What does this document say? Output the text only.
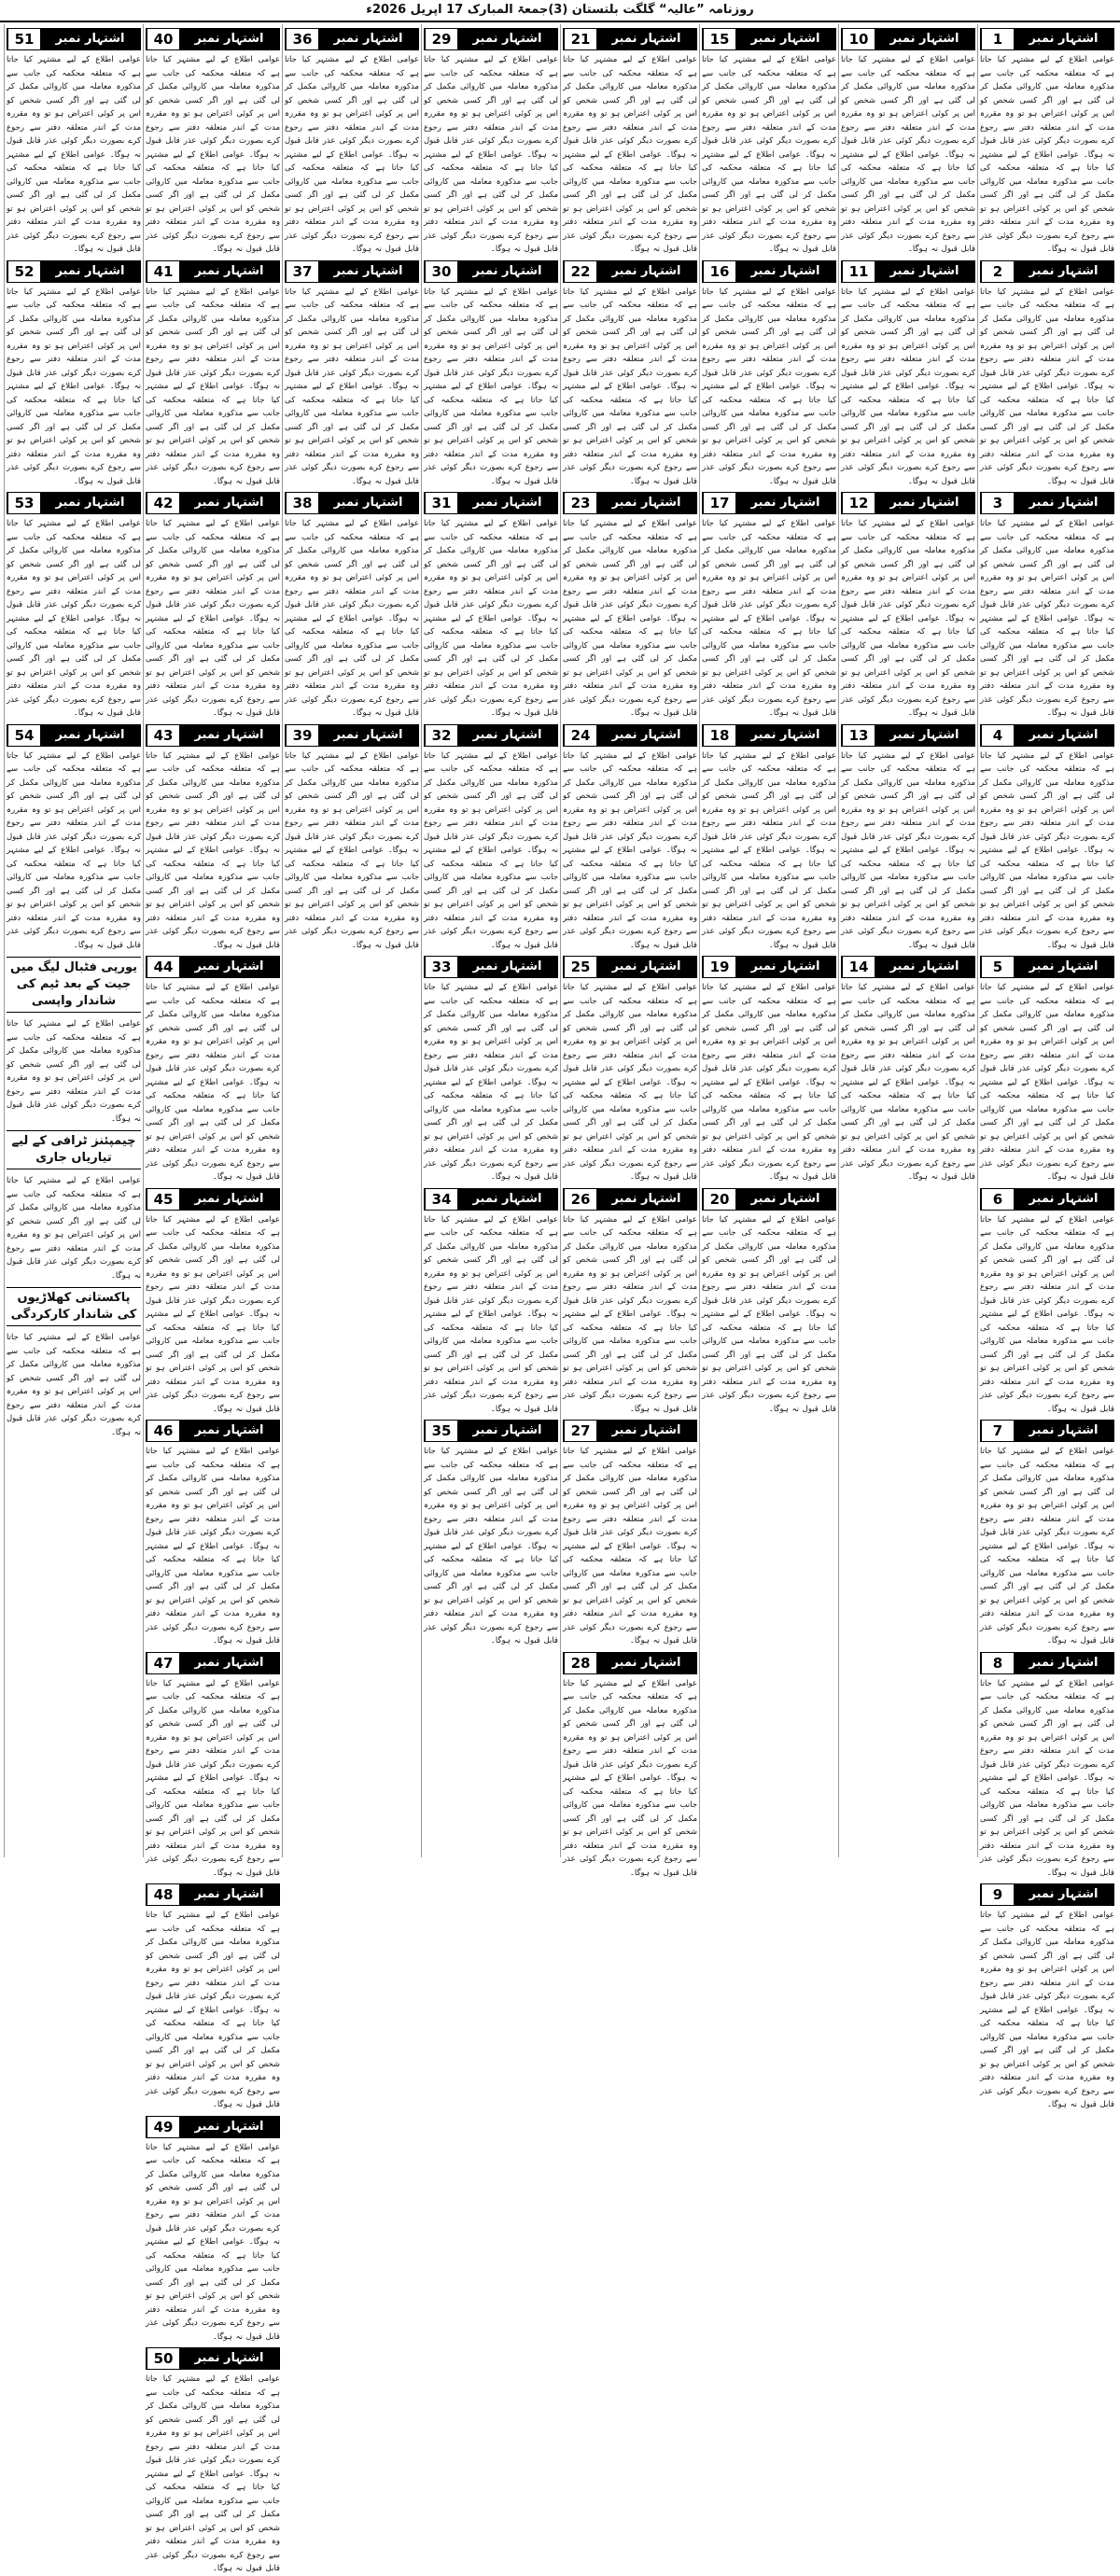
روزنامہ ”عالیہ“ گلگت بلتستان (3)جمعۃ المبارک 17 اپریل 2026ء
1	اشتہار نمبر

عوامی اطلاع کے لیے مشتہر کیا جاتا ہے کہ متعلقہ محکمہ کی جانب سے مذکورہ معاملہ میں کاروائی مکمل کر لی گئی ہے اور اگر کسی شخص کو اس پر کوئی اعتراض ہو تو وہ مقررہ مدت کے اندر متعلقہ دفتر سے رجوع کرے بصورت دیگر کوئی عذر قابل قبول نہ ہوگا۔ عوامی اطلاع کے لیے مشتہر کیا جاتا ہے کہ متعلقہ محکمہ کی جانب سے مذکورہ معاملہ میں کاروائی مکمل کر لی گئی ہے اور اگر کسی شخص کو اس پر کوئی اعتراض ہو تو وہ مقررہ مدت کے اندر متعلقہ دفتر سے رجوع کرے بصورت دیگر کوئی عذر قابل قبول نہ ہوگا۔

2	اشتہار نمبر

عوامی اطلاع کے لیے مشتہر کیا جاتا ہے کہ متعلقہ محکمہ کی جانب سے مذکورہ معاملہ میں کاروائی مکمل کر لی گئی ہے اور اگر کسی شخص کو اس پر کوئی اعتراض ہو تو وہ مقررہ مدت کے اندر متعلقہ دفتر سے رجوع کرے بصورت دیگر کوئی عذر قابل قبول نہ ہوگا۔ عوامی اطلاع کے لیے مشتہر کیا جاتا ہے کہ متعلقہ محکمہ کی جانب سے مذکورہ معاملہ میں کاروائی مکمل کر لی گئی ہے اور اگر کسی شخص کو اس پر کوئی اعتراض ہو تو وہ مقررہ مدت کے اندر متعلقہ دفتر سے رجوع کرے بصورت دیگر کوئی عذر قابل قبول نہ ہوگا۔

3	اشتہار نمبر

عوامی اطلاع کے لیے مشتہر کیا جاتا ہے کہ متعلقہ محکمہ کی جانب سے مذکورہ معاملہ میں کاروائی مکمل کر لی گئی ہے اور اگر کسی شخص کو اس پر کوئی اعتراض ہو تو وہ مقررہ مدت کے اندر متعلقہ دفتر سے رجوع کرے بصورت دیگر کوئی عذر قابل قبول نہ ہوگا۔ عوامی اطلاع کے لیے مشتہر کیا جاتا ہے کہ متعلقہ محکمہ کی جانب سے مذکورہ معاملہ میں کاروائی مکمل کر لی گئی ہے اور اگر کسی شخص کو اس پر کوئی اعتراض ہو تو وہ مقررہ مدت کے اندر متعلقہ دفتر سے رجوع کرے بصورت دیگر کوئی عذر قابل قبول نہ ہوگا۔

4	اشتہار نمبر

عوامی اطلاع کے لیے مشتہر کیا جاتا ہے کہ متعلقہ محکمہ کی جانب سے مذکورہ معاملہ میں کاروائی مکمل کر لی گئی ہے اور اگر کسی شخص کو اس پر کوئی اعتراض ہو تو وہ مقررہ مدت کے اندر متعلقہ دفتر سے رجوع کرے بصورت دیگر کوئی عذر قابل قبول نہ ہوگا۔ عوامی اطلاع کے لیے مشتہر کیا جاتا ہے کہ متعلقہ محکمہ کی جانب سے مذکورہ معاملہ میں کاروائی مکمل کر لی گئی ہے اور اگر کسی شخص کو اس پر کوئی اعتراض ہو تو وہ مقررہ مدت کے اندر متعلقہ دفتر سے رجوع کرے بصورت دیگر کوئی عذر قابل قبول نہ ہوگا۔

5	اشتہار نمبر

عوامی اطلاع کے لیے مشتہر کیا جاتا ہے کہ متعلقہ محکمہ کی جانب سے مذکورہ معاملہ میں کاروائی مکمل کر لی گئی ہے اور اگر کسی شخص کو اس پر کوئی اعتراض ہو تو وہ مقررہ مدت کے اندر متعلقہ دفتر سے رجوع کرے بصورت دیگر کوئی عذر قابل قبول نہ ہوگا۔ عوامی اطلاع کے لیے مشتہر کیا جاتا ہے کہ متعلقہ محکمہ کی جانب سے مذکورہ معاملہ میں کاروائی مکمل کر لی گئی ہے اور اگر کسی شخص کو اس پر کوئی اعتراض ہو تو وہ مقررہ مدت کے اندر متعلقہ دفتر سے رجوع کرے بصورت دیگر کوئی عذر قابل قبول نہ ہوگا۔

6	اشتہار نمبر

عوامی اطلاع کے لیے مشتہر کیا جاتا ہے کہ متعلقہ محکمہ کی جانب سے مذکورہ معاملہ میں کاروائی مکمل کر لی گئی ہے اور اگر کسی شخص کو اس پر کوئی اعتراض ہو تو وہ مقررہ مدت کے اندر متعلقہ دفتر سے رجوع کرے بصورت دیگر کوئی عذر قابل قبول نہ ہوگا۔ عوامی اطلاع کے لیے مشتہر کیا جاتا ہے کہ متعلقہ محکمہ کی جانب سے مذکورہ معاملہ میں کاروائی مکمل کر لی گئی ہے اور اگر کسی شخص کو اس پر کوئی اعتراض ہو تو وہ مقررہ مدت کے اندر متعلقہ دفتر سے رجوع کرے بصورت دیگر کوئی عذر قابل قبول نہ ہوگا۔

7	اشتہار نمبر

عوامی اطلاع کے لیے مشتہر کیا جاتا ہے کہ متعلقہ محکمہ کی جانب سے مذکورہ معاملہ میں کاروائی مکمل کر لی گئی ہے اور اگر کسی شخص کو اس پر کوئی اعتراض ہو تو وہ مقررہ مدت کے اندر متعلقہ دفتر سے رجوع کرے بصورت دیگر کوئی عذر قابل قبول نہ ہوگا۔ عوامی اطلاع کے لیے مشتہر کیا جاتا ہے کہ متعلقہ محکمہ کی جانب سے مذکورہ معاملہ میں کاروائی مکمل کر لی گئی ہے اور اگر کسی شخص کو اس پر کوئی اعتراض ہو تو وہ مقررہ مدت کے اندر متعلقہ دفتر سے رجوع کرے بصورت دیگر کوئی عذر قابل قبول نہ ہوگا۔

8	اشتہار نمبر

عوامی اطلاع کے لیے مشتہر کیا جاتا ہے کہ متعلقہ محکمہ کی جانب سے مذکورہ معاملہ میں کاروائی مکمل کر لی گئی ہے اور اگر کسی شخص کو اس پر کوئی اعتراض ہو تو وہ مقررہ مدت کے اندر متعلقہ دفتر سے رجوع کرے بصورت دیگر کوئی عذر قابل قبول نہ ہوگا۔ عوامی اطلاع کے لیے مشتہر کیا جاتا ہے کہ متعلقہ محکمہ کی جانب سے مذکورہ معاملہ میں کاروائی مکمل کر لی گئی ہے اور اگر کسی شخص کو اس پر کوئی اعتراض ہو تو وہ مقررہ مدت کے اندر متعلقہ دفتر سے رجوع کرے بصورت دیگر کوئی عذر قابل قبول نہ ہوگا۔

9	اشتہار نمبر

عوامی اطلاع کے لیے مشتہر کیا جاتا ہے کہ متعلقہ محکمہ کی جانب سے مذکورہ معاملہ میں کاروائی مکمل کر لی گئی ہے اور اگر کسی شخص کو اس پر کوئی اعتراض ہو تو وہ مقررہ مدت کے اندر متعلقہ دفتر سے رجوع کرے بصورت دیگر کوئی عذر قابل قبول نہ ہوگا۔ عوامی اطلاع کے لیے مشتہر کیا جاتا ہے کہ متعلقہ محکمہ کی جانب سے مذکورہ معاملہ میں کاروائی مکمل کر لی گئی ہے اور اگر کسی شخص کو اس پر کوئی اعتراض ہو تو وہ مقررہ مدت کے اندر متعلقہ دفتر سے رجوع کرے بصورت دیگر کوئی عذر قابل قبول نہ ہوگا۔

10	اشتہار نمبر

عوامی اطلاع کے لیے مشتہر کیا جاتا ہے کہ متعلقہ محکمہ کی جانب سے مذکورہ معاملہ میں کاروائی مکمل کر لی گئی ہے اور اگر کسی شخص کو اس پر کوئی اعتراض ہو تو وہ مقررہ مدت کے اندر متعلقہ دفتر سے رجوع کرے بصورت دیگر کوئی عذر قابل قبول نہ ہوگا۔ عوامی اطلاع کے لیے مشتہر کیا جاتا ہے کہ متعلقہ محکمہ کی جانب سے مذکورہ معاملہ میں کاروائی مکمل کر لی گئی ہے اور اگر کسی شخص کو اس پر کوئی اعتراض ہو تو وہ مقررہ مدت کے اندر متعلقہ دفتر سے رجوع کرے بصورت دیگر کوئی عذر قابل قبول نہ ہوگا۔

11	اشتہار نمبر

عوامی اطلاع کے لیے مشتہر کیا جاتا ہے کہ متعلقہ محکمہ کی جانب سے مذکورہ معاملہ میں کاروائی مکمل کر لی گئی ہے اور اگر کسی شخص کو اس پر کوئی اعتراض ہو تو وہ مقررہ مدت کے اندر متعلقہ دفتر سے رجوع کرے بصورت دیگر کوئی عذر قابل قبول نہ ہوگا۔ عوامی اطلاع کے لیے مشتہر کیا جاتا ہے کہ متعلقہ محکمہ کی جانب سے مذکورہ معاملہ میں کاروائی مکمل کر لی گئی ہے اور اگر کسی شخص کو اس پر کوئی اعتراض ہو تو وہ مقررہ مدت کے اندر متعلقہ دفتر سے رجوع کرے بصورت دیگر کوئی عذر قابل قبول نہ ہوگا۔

12	اشتہار نمبر

عوامی اطلاع کے لیے مشتہر کیا جاتا ہے کہ متعلقہ محکمہ کی جانب سے مذکورہ معاملہ میں کاروائی مکمل کر لی گئی ہے اور اگر کسی شخص کو اس پر کوئی اعتراض ہو تو وہ مقررہ مدت کے اندر متعلقہ دفتر سے رجوع کرے بصورت دیگر کوئی عذر قابل قبول نہ ہوگا۔ عوامی اطلاع کے لیے مشتہر کیا جاتا ہے کہ متعلقہ محکمہ کی جانب سے مذکورہ معاملہ میں کاروائی مکمل کر لی گئی ہے اور اگر کسی شخص کو اس پر کوئی اعتراض ہو تو وہ مقررہ مدت کے اندر متعلقہ دفتر سے رجوع کرے بصورت دیگر کوئی عذر قابل قبول نہ ہوگا۔

13	اشتہار نمبر

عوامی اطلاع کے لیے مشتہر کیا جاتا ہے کہ متعلقہ محکمہ کی جانب سے مذکورہ معاملہ میں کاروائی مکمل کر لی گئی ہے اور اگر کسی شخص کو اس پر کوئی اعتراض ہو تو وہ مقررہ مدت کے اندر متعلقہ دفتر سے رجوع کرے بصورت دیگر کوئی عذر قابل قبول نہ ہوگا۔ عوامی اطلاع کے لیے مشتہر کیا جاتا ہے کہ متعلقہ محکمہ کی جانب سے مذکورہ معاملہ میں کاروائی مکمل کر لی گئی ہے اور اگر کسی شخص کو اس پر کوئی اعتراض ہو تو وہ مقررہ مدت کے اندر متعلقہ دفتر سے رجوع کرے بصورت دیگر کوئی عذر قابل قبول نہ ہوگا۔

14	اشتہار نمبر

عوامی اطلاع کے لیے مشتہر کیا جاتا ہے کہ متعلقہ محکمہ کی جانب سے مذکورہ معاملہ میں کاروائی مکمل کر لی گئی ہے اور اگر کسی شخص کو اس پر کوئی اعتراض ہو تو وہ مقررہ مدت کے اندر متعلقہ دفتر سے رجوع کرے بصورت دیگر کوئی عذر قابل قبول نہ ہوگا۔ عوامی اطلاع کے لیے مشتہر کیا جاتا ہے کہ متعلقہ محکمہ کی جانب سے مذکورہ معاملہ میں کاروائی مکمل کر لی گئی ہے اور اگر کسی شخص کو اس پر کوئی اعتراض ہو تو وہ مقررہ مدت کے اندر متعلقہ دفتر سے رجوع کرے بصورت دیگر کوئی عذر قابل قبول نہ ہوگا۔

15	اشتہار نمبر

عوامی اطلاع کے لیے مشتہر کیا جاتا ہے کہ متعلقہ محکمہ کی جانب سے مذکورہ معاملہ میں کاروائی مکمل کر لی گئی ہے اور اگر کسی شخص کو اس پر کوئی اعتراض ہو تو وہ مقررہ مدت کے اندر متعلقہ دفتر سے رجوع کرے بصورت دیگر کوئی عذر قابل قبول نہ ہوگا۔ عوامی اطلاع کے لیے مشتہر کیا جاتا ہے کہ متعلقہ محکمہ کی جانب سے مذکورہ معاملہ میں کاروائی مکمل کر لی گئی ہے اور اگر کسی شخص کو اس پر کوئی اعتراض ہو تو وہ مقررہ مدت کے اندر متعلقہ دفتر سے رجوع کرے بصورت دیگر کوئی عذر قابل قبول نہ ہوگا۔

16	اشتہار نمبر

عوامی اطلاع کے لیے مشتہر کیا جاتا ہے کہ متعلقہ محکمہ کی جانب سے مذکورہ معاملہ میں کاروائی مکمل کر لی گئی ہے اور اگر کسی شخص کو اس پر کوئی اعتراض ہو تو وہ مقررہ مدت کے اندر متعلقہ دفتر سے رجوع کرے بصورت دیگر کوئی عذر قابل قبول نہ ہوگا۔ عوامی اطلاع کے لیے مشتہر کیا جاتا ہے کہ متعلقہ محکمہ کی جانب سے مذکورہ معاملہ میں کاروائی مکمل کر لی گئی ہے اور اگر کسی شخص کو اس پر کوئی اعتراض ہو تو وہ مقررہ مدت کے اندر متعلقہ دفتر سے رجوع کرے بصورت دیگر کوئی عذر قابل قبول نہ ہوگا۔

17	اشتہار نمبر

عوامی اطلاع کے لیے مشتہر کیا جاتا ہے کہ متعلقہ محکمہ کی جانب سے مذکورہ معاملہ میں کاروائی مکمل کر لی گئی ہے اور اگر کسی شخص کو اس پر کوئی اعتراض ہو تو وہ مقررہ مدت کے اندر متعلقہ دفتر سے رجوع کرے بصورت دیگر کوئی عذر قابل قبول نہ ہوگا۔ عوامی اطلاع کے لیے مشتہر کیا جاتا ہے کہ متعلقہ محکمہ کی جانب سے مذکورہ معاملہ میں کاروائی مکمل کر لی گئی ہے اور اگر کسی شخص کو اس پر کوئی اعتراض ہو تو وہ مقررہ مدت کے اندر متعلقہ دفتر سے رجوع کرے بصورت دیگر کوئی عذر قابل قبول نہ ہوگا۔

18	اشتہار نمبر

عوامی اطلاع کے لیے مشتہر کیا جاتا ہے کہ متعلقہ محکمہ کی جانب سے مذکورہ معاملہ میں کاروائی مکمل کر لی گئی ہے اور اگر کسی شخص کو اس پر کوئی اعتراض ہو تو وہ مقررہ مدت کے اندر متعلقہ دفتر سے رجوع کرے بصورت دیگر کوئی عذر قابل قبول نہ ہوگا۔ عوامی اطلاع کے لیے مشتہر کیا جاتا ہے کہ متعلقہ محکمہ کی جانب سے مذکورہ معاملہ میں کاروائی مکمل کر لی گئی ہے اور اگر کسی شخص کو اس پر کوئی اعتراض ہو تو وہ مقررہ مدت کے اندر متعلقہ دفتر سے رجوع کرے بصورت دیگر کوئی عذر قابل قبول نہ ہوگا۔

19	اشتہار نمبر

عوامی اطلاع کے لیے مشتہر کیا جاتا ہے کہ متعلقہ محکمہ کی جانب سے مذکورہ معاملہ میں کاروائی مکمل کر لی گئی ہے اور اگر کسی شخص کو اس پر کوئی اعتراض ہو تو وہ مقررہ مدت کے اندر متعلقہ دفتر سے رجوع کرے بصورت دیگر کوئی عذر قابل قبول نہ ہوگا۔ عوامی اطلاع کے لیے مشتہر کیا جاتا ہے کہ متعلقہ محکمہ کی جانب سے مذکورہ معاملہ میں کاروائی مکمل کر لی گئی ہے اور اگر کسی شخص کو اس پر کوئی اعتراض ہو تو وہ مقررہ مدت کے اندر متعلقہ دفتر سے رجوع کرے بصورت دیگر کوئی عذر قابل قبول نہ ہوگا۔

20	اشتہار نمبر

عوامی اطلاع کے لیے مشتہر کیا جاتا ہے کہ متعلقہ محکمہ کی جانب سے مذکورہ معاملہ میں کاروائی مکمل کر لی گئی ہے اور اگر کسی شخص کو اس پر کوئی اعتراض ہو تو وہ مقررہ مدت کے اندر متعلقہ دفتر سے رجوع کرے بصورت دیگر کوئی عذر قابل قبول نہ ہوگا۔ عوامی اطلاع کے لیے مشتہر کیا جاتا ہے کہ متعلقہ محکمہ کی جانب سے مذکورہ معاملہ میں کاروائی مکمل کر لی گئی ہے اور اگر کسی شخص کو اس پر کوئی اعتراض ہو تو وہ مقررہ مدت کے اندر متعلقہ دفتر سے رجوع کرے بصورت دیگر کوئی عذر قابل قبول نہ ہوگا۔

21	اشتہار نمبر

عوامی اطلاع کے لیے مشتہر کیا جاتا ہے کہ متعلقہ محکمہ کی جانب سے مذکورہ معاملہ میں کاروائی مکمل کر لی گئی ہے اور اگر کسی شخص کو اس پر کوئی اعتراض ہو تو وہ مقررہ مدت کے اندر متعلقہ دفتر سے رجوع کرے بصورت دیگر کوئی عذر قابل قبول نہ ہوگا۔ عوامی اطلاع کے لیے مشتہر کیا جاتا ہے کہ متعلقہ محکمہ کی جانب سے مذکورہ معاملہ میں کاروائی مکمل کر لی گئی ہے اور اگر کسی شخص کو اس پر کوئی اعتراض ہو تو وہ مقررہ مدت کے اندر متعلقہ دفتر سے رجوع کرے بصورت دیگر کوئی عذر قابل قبول نہ ہوگا۔

22	اشتہار نمبر

عوامی اطلاع کے لیے مشتہر کیا جاتا ہے کہ متعلقہ محکمہ کی جانب سے مذکورہ معاملہ میں کاروائی مکمل کر لی گئی ہے اور اگر کسی شخص کو اس پر کوئی اعتراض ہو تو وہ مقررہ مدت کے اندر متعلقہ دفتر سے رجوع کرے بصورت دیگر کوئی عذر قابل قبول نہ ہوگا۔ عوامی اطلاع کے لیے مشتہر کیا جاتا ہے کہ متعلقہ محکمہ کی جانب سے مذکورہ معاملہ میں کاروائی مکمل کر لی گئی ہے اور اگر کسی شخص کو اس پر کوئی اعتراض ہو تو وہ مقررہ مدت کے اندر متعلقہ دفتر سے رجوع کرے بصورت دیگر کوئی عذر قابل قبول نہ ہوگا۔

23	اشتہار نمبر

عوامی اطلاع کے لیے مشتہر کیا جاتا ہے کہ متعلقہ محکمہ کی جانب سے مذکورہ معاملہ میں کاروائی مکمل کر لی گئی ہے اور اگر کسی شخص کو اس پر کوئی اعتراض ہو تو وہ مقررہ مدت کے اندر متعلقہ دفتر سے رجوع کرے بصورت دیگر کوئی عذر قابل قبول نہ ہوگا۔ عوامی اطلاع کے لیے مشتہر کیا جاتا ہے کہ متعلقہ محکمہ کی جانب سے مذکورہ معاملہ میں کاروائی مکمل کر لی گئی ہے اور اگر کسی شخص کو اس پر کوئی اعتراض ہو تو وہ مقررہ مدت کے اندر متعلقہ دفتر سے رجوع کرے بصورت دیگر کوئی عذر قابل قبول نہ ہوگا۔

24	اشتہار نمبر

عوامی اطلاع کے لیے مشتہر کیا جاتا ہے کہ متعلقہ محکمہ کی جانب سے مذکورہ معاملہ میں کاروائی مکمل کر لی گئی ہے اور اگر کسی شخص کو اس پر کوئی اعتراض ہو تو وہ مقررہ مدت کے اندر متعلقہ دفتر سے رجوع کرے بصورت دیگر کوئی عذر قابل قبول نہ ہوگا۔ عوامی اطلاع کے لیے مشتہر کیا جاتا ہے کہ متعلقہ محکمہ کی جانب سے مذکورہ معاملہ میں کاروائی مکمل کر لی گئی ہے اور اگر کسی شخص کو اس پر کوئی اعتراض ہو تو وہ مقررہ مدت کے اندر متعلقہ دفتر سے رجوع کرے بصورت دیگر کوئی عذر قابل قبول نہ ہوگا۔

25	اشتہار نمبر

عوامی اطلاع کے لیے مشتہر کیا جاتا ہے کہ متعلقہ محکمہ کی جانب سے مذکورہ معاملہ میں کاروائی مکمل کر لی گئی ہے اور اگر کسی شخص کو اس پر کوئی اعتراض ہو تو وہ مقررہ مدت کے اندر متعلقہ دفتر سے رجوع کرے بصورت دیگر کوئی عذر قابل قبول نہ ہوگا۔ عوامی اطلاع کے لیے مشتہر کیا جاتا ہے کہ متعلقہ محکمہ کی جانب سے مذکورہ معاملہ میں کاروائی مکمل کر لی گئی ہے اور اگر کسی شخص کو اس پر کوئی اعتراض ہو تو وہ مقررہ مدت کے اندر متعلقہ دفتر سے رجوع کرے بصورت دیگر کوئی عذر قابل قبول نہ ہوگا۔

26	اشتہار نمبر

عوامی اطلاع کے لیے مشتہر کیا جاتا ہے کہ متعلقہ محکمہ کی جانب سے مذکورہ معاملہ میں کاروائی مکمل کر لی گئی ہے اور اگر کسی شخص کو اس پر کوئی اعتراض ہو تو وہ مقررہ مدت کے اندر متعلقہ دفتر سے رجوع کرے بصورت دیگر کوئی عذر قابل قبول نہ ہوگا۔ عوامی اطلاع کے لیے مشتہر کیا جاتا ہے کہ متعلقہ محکمہ کی جانب سے مذکورہ معاملہ میں کاروائی مکمل کر لی گئی ہے اور اگر کسی شخص کو اس پر کوئی اعتراض ہو تو وہ مقررہ مدت کے اندر متعلقہ دفتر سے رجوع کرے بصورت دیگر کوئی عذر قابل قبول نہ ہوگا۔

27	اشتہار نمبر

عوامی اطلاع کے لیے مشتہر کیا جاتا ہے کہ متعلقہ محکمہ کی جانب سے مذکورہ معاملہ میں کاروائی مکمل کر لی گئی ہے اور اگر کسی شخص کو اس پر کوئی اعتراض ہو تو وہ مقررہ مدت کے اندر متعلقہ دفتر سے رجوع کرے بصورت دیگر کوئی عذر قابل قبول نہ ہوگا۔ عوامی اطلاع کے لیے مشتہر کیا جاتا ہے کہ متعلقہ محکمہ کی جانب سے مذکورہ معاملہ میں کاروائی مکمل کر لی گئی ہے اور اگر کسی شخص کو اس پر کوئی اعتراض ہو تو وہ مقررہ مدت کے اندر متعلقہ دفتر سے رجوع کرے بصورت دیگر کوئی عذر قابل قبول نہ ہوگا۔

28	اشتہار نمبر

عوامی اطلاع کے لیے مشتہر کیا جاتا ہے کہ متعلقہ محکمہ کی جانب سے مذکورہ معاملہ میں کاروائی مکمل کر لی گئی ہے اور اگر کسی شخص کو اس پر کوئی اعتراض ہو تو وہ مقررہ مدت کے اندر متعلقہ دفتر سے رجوع کرے بصورت دیگر کوئی عذر قابل قبول نہ ہوگا۔ عوامی اطلاع کے لیے مشتہر کیا جاتا ہے کہ متعلقہ محکمہ کی جانب سے مذکورہ معاملہ میں کاروائی مکمل کر لی گئی ہے اور اگر کسی شخص کو اس پر کوئی اعتراض ہو تو وہ مقررہ مدت کے اندر متعلقہ دفتر سے رجوع کرے بصورت دیگر کوئی عذر قابل قبول نہ ہوگا۔

29	اشتہار نمبر

عوامی اطلاع کے لیے مشتہر کیا جاتا ہے کہ متعلقہ محکمہ کی جانب سے مذکورہ معاملہ میں کاروائی مکمل کر لی گئی ہے اور اگر کسی شخص کو اس پر کوئی اعتراض ہو تو وہ مقررہ مدت کے اندر متعلقہ دفتر سے رجوع کرے بصورت دیگر کوئی عذر قابل قبول نہ ہوگا۔ عوامی اطلاع کے لیے مشتہر کیا جاتا ہے کہ متعلقہ محکمہ کی جانب سے مذکورہ معاملہ میں کاروائی مکمل کر لی گئی ہے اور اگر کسی شخص کو اس پر کوئی اعتراض ہو تو وہ مقررہ مدت کے اندر متعلقہ دفتر سے رجوع کرے بصورت دیگر کوئی عذر قابل قبول نہ ہوگا۔

30	اشتہار نمبر

عوامی اطلاع کے لیے مشتہر کیا جاتا ہے کہ متعلقہ محکمہ کی جانب سے مذکورہ معاملہ میں کاروائی مکمل کر لی گئی ہے اور اگر کسی شخص کو اس پر کوئی اعتراض ہو تو وہ مقررہ مدت کے اندر متعلقہ دفتر سے رجوع کرے بصورت دیگر کوئی عذر قابل قبول نہ ہوگا۔ عوامی اطلاع کے لیے مشتہر کیا جاتا ہے کہ متعلقہ محکمہ کی جانب سے مذکورہ معاملہ میں کاروائی مکمل کر لی گئی ہے اور اگر کسی شخص کو اس پر کوئی اعتراض ہو تو وہ مقررہ مدت کے اندر متعلقہ دفتر سے رجوع کرے بصورت دیگر کوئی عذر قابل قبول نہ ہوگا۔

31	اشتہار نمبر

عوامی اطلاع کے لیے مشتہر کیا جاتا ہے کہ متعلقہ محکمہ کی جانب سے مذکورہ معاملہ میں کاروائی مکمل کر لی گئی ہے اور اگر کسی شخص کو اس پر کوئی اعتراض ہو تو وہ مقررہ مدت کے اندر متعلقہ دفتر سے رجوع کرے بصورت دیگر کوئی عذر قابل قبول نہ ہوگا۔ عوامی اطلاع کے لیے مشتہر کیا جاتا ہے کہ متعلقہ محکمہ کی جانب سے مذکورہ معاملہ میں کاروائی مکمل کر لی گئی ہے اور اگر کسی شخص کو اس پر کوئی اعتراض ہو تو وہ مقررہ مدت کے اندر متعلقہ دفتر سے رجوع کرے بصورت دیگر کوئی عذر قابل قبول نہ ہوگا۔

32	اشتہار نمبر

عوامی اطلاع کے لیے مشتہر کیا جاتا ہے کہ متعلقہ محکمہ کی جانب سے مذکورہ معاملہ میں کاروائی مکمل کر لی گئی ہے اور اگر کسی شخص کو اس پر کوئی اعتراض ہو تو وہ مقررہ مدت کے اندر متعلقہ دفتر سے رجوع کرے بصورت دیگر کوئی عذر قابل قبول نہ ہوگا۔ عوامی اطلاع کے لیے مشتہر کیا جاتا ہے کہ متعلقہ محکمہ کی جانب سے مذکورہ معاملہ میں کاروائی مکمل کر لی گئی ہے اور اگر کسی شخص کو اس پر کوئی اعتراض ہو تو وہ مقررہ مدت کے اندر متعلقہ دفتر سے رجوع کرے بصورت دیگر کوئی عذر قابل قبول نہ ہوگا۔

33	اشتہار نمبر

عوامی اطلاع کے لیے مشتہر کیا جاتا ہے کہ متعلقہ محکمہ کی جانب سے مذکورہ معاملہ میں کاروائی مکمل کر لی گئی ہے اور اگر کسی شخص کو اس پر کوئی اعتراض ہو تو وہ مقررہ مدت کے اندر متعلقہ دفتر سے رجوع کرے بصورت دیگر کوئی عذر قابل قبول نہ ہوگا۔ عوامی اطلاع کے لیے مشتہر کیا جاتا ہے کہ متعلقہ محکمہ کی جانب سے مذکورہ معاملہ میں کاروائی مکمل کر لی گئی ہے اور اگر کسی شخص کو اس پر کوئی اعتراض ہو تو وہ مقررہ مدت کے اندر متعلقہ دفتر سے رجوع کرے بصورت دیگر کوئی عذر قابل قبول نہ ہوگا۔

34	اشتہار نمبر

عوامی اطلاع کے لیے مشتہر کیا جاتا ہے کہ متعلقہ محکمہ کی جانب سے مذکورہ معاملہ میں کاروائی مکمل کر لی گئی ہے اور اگر کسی شخص کو اس پر کوئی اعتراض ہو تو وہ مقررہ مدت کے اندر متعلقہ دفتر سے رجوع کرے بصورت دیگر کوئی عذر قابل قبول نہ ہوگا۔ عوامی اطلاع کے لیے مشتہر کیا جاتا ہے کہ متعلقہ محکمہ کی جانب سے مذکورہ معاملہ میں کاروائی مکمل کر لی گئی ہے اور اگر کسی شخص کو اس پر کوئی اعتراض ہو تو وہ مقررہ مدت کے اندر متعلقہ دفتر سے رجوع کرے بصورت دیگر کوئی عذر قابل قبول نہ ہوگا۔

35	اشتہار نمبر

عوامی اطلاع کے لیے مشتہر کیا جاتا ہے کہ متعلقہ محکمہ کی جانب سے مذکورہ معاملہ میں کاروائی مکمل کر لی گئی ہے اور اگر کسی شخص کو اس پر کوئی اعتراض ہو تو وہ مقررہ مدت کے اندر متعلقہ دفتر سے رجوع کرے بصورت دیگر کوئی عذر قابل قبول نہ ہوگا۔ عوامی اطلاع کے لیے مشتہر کیا جاتا ہے کہ متعلقہ محکمہ کی جانب سے مذکورہ معاملہ میں کاروائی مکمل کر لی گئی ہے اور اگر کسی شخص کو اس پر کوئی اعتراض ہو تو وہ مقررہ مدت کے اندر متعلقہ دفتر سے رجوع کرے بصورت دیگر کوئی عذر قابل قبول نہ ہوگا۔

36	اشتہار نمبر

عوامی اطلاع کے لیے مشتہر کیا جاتا ہے کہ متعلقہ محکمہ کی جانب سے مذکورہ معاملہ میں کاروائی مکمل کر لی گئی ہے اور اگر کسی شخص کو اس پر کوئی اعتراض ہو تو وہ مقررہ مدت کے اندر متعلقہ دفتر سے رجوع کرے بصورت دیگر کوئی عذر قابل قبول نہ ہوگا۔ عوامی اطلاع کے لیے مشتہر کیا جاتا ہے کہ متعلقہ محکمہ کی جانب سے مذکورہ معاملہ میں کاروائی مکمل کر لی گئی ہے اور اگر کسی شخص کو اس پر کوئی اعتراض ہو تو وہ مقررہ مدت کے اندر متعلقہ دفتر سے رجوع کرے بصورت دیگر کوئی عذر قابل قبول نہ ہوگا۔

37	اشتہار نمبر

عوامی اطلاع کے لیے مشتہر کیا جاتا ہے کہ متعلقہ محکمہ کی جانب سے مذکورہ معاملہ میں کاروائی مکمل کر لی گئی ہے اور اگر کسی شخص کو اس پر کوئی اعتراض ہو تو وہ مقررہ مدت کے اندر متعلقہ دفتر سے رجوع کرے بصورت دیگر کوئی عذر قابل قبول نہ ہوگا۔ عوامی اطلاع کے لیے مشتہر کیا جاتا ہے کہ متعلقہ محکمہ کی جانب سے مذکورہ معاملہ میں کاروائی مکمل کر لی گئی ہے اور اگر کسی شخص کو اس پر کوئی اعتراض ہو تو وہ مقررہ مدت کے اندر متعلقہ دفتر سے رجوع کرے بصورت دیگر کوئی عذر قابل قبول نہ ہوگا۔

38	اشتہار نمبر

عوامی اطلاع کے لیے مشتہر کیا جاتا ہے کہ متعلقہ محکمہ کی جانب سے مذکورہ معاملہ میں کاروائی مکمل کر لی گئی ہے اور اگر کسی شخص کو اس پر کوئی اعتراض ہو تو وہ مقررہ مدت کے اندر متعلقہ دفتر سے رجوع کرے بصورت دیگر کوئی عذر قابل قبول نہ ہوگا۔ عوامی اطلاع کے لیے مشتہر کیا جاتا ہے کہ متعلقہ محکمہ کی جانب سے مذکورہ معاملہ میں کاروائی مکمل کر لی گئی ہے اور اگر کسی شخص کو اس پر کوئی اعتراض ہو تو وہ مقررہ مدت کے اندر متعلقہ دفتر سے رجوع کرے بصورت دیگر کوئی عذر قابل قبول نہ ہوگا۔

39	اشتہار نمبر

عوامی اطلاع کے لیے مشتہر کیا جاتا ہے کہ متعلقہ محکمہ کی جانب سے مذکورہ معاملہ میں کاروائی مکمل کر لی گئی ہے اور اگر کسی شخص کو اس پر کوئی اعتراض ہو تو وہ مقررہ مدت کے اندر متعلقہ دفتر سے رجوع کرے بصورت دیگر کوئی عذر قابل قبول نہ ہوگا۔ عوامی اطلاع کے لیے مشتہر کیا جاتا ہے کہ متعلقہ محکمہ کی جانب سے مذکورہ معاملہ میں کاروائی مکمل کر لی گئی ہے اور اگر کسی شخص کو اس پر کوئی اعتراض ہو تو وہ مقررہ مدت کے اندر متعلقہ دفتر سے رجوع کرے بصورت دیگر کوئی عذر قابل قبول نہ ہوگا۔

40	اشتہار نمبر

عوامی اطلاع کے لیے مشتہر کیا جاتا ہے کہ متعلقہ محکمہ کی جانب سے مذکورہ معاملہ میں کاروائی مکمل کر لی گئی ہے اور اگر کسی شخص کو اس پر کوئی اعتراض ہو تو وہ مقررہ مدت کے اندر متعلقہ دفتر سے رجوع کرے بصورت دیگر کوئی عذر قابل قبول نہ ہوگا۔ عوامی اطلاع کے لیے مشتہر کیا جاتا ہے کہ متعلقہ محکمہ کی جانب سے مذکورہ معاملہ میں کاروائی مکمل کر لی گئی ہے اور اگر کسی شخص کو اس پر کوئی اعتراض ہو تو وہ مقررہ مدت کے اندر متعلقہ دفتر سے رجوع کرے بصورت دیگر کوئی عذر قابل قبول نہ ہوگا۔

41	اشتہار نمبر

عوامی اطلاع کے لیے مشتہر کیا جاتا ہے کہ متعلقہ محکمہ کی جانب سے مذکورہ معاملہ میں کاروائی مکمل کر لی گئی ہے اور اگر کسی شخص کو اس پر کوئی اعتراض ہو تو وہ مقررہ مدت کے اندر متعلقہ دفتر سے رجوع کرے بصورت دیگر کوئی عذر قابل قبول نہ ہوگا۔ عوامی اطلاع کے لیے مشتہر کیا جاتا ہے کہ متعلقہ محکمہ کی جانب سے مذکورہ معاملہ میں کاروائی مکمل کر لی گئی ہے اور اگر کسی شخص کو اس پر کوئی اعتراض ہو تو وہ مقررہ مدت کے اندر متعلقہ دفتر سے رجوع کرے بصورت دیگر کوئی عذر قابل قبول نہ ہوگا۔

42	اشتہار نمبر

عوامی اطلاع کے لیے مشتہر کیا جاتا ہے کہ متعلقہ محکمہ کی جانب سے مذکورہ معاملہ میں کاروائی مکمل کر لی گئی ہے اور اگر کسی شخص کو اس پر کوئی اعتراض ہو تو وہ مقررہ مدت کے اندر متعلقہ دفتر سے رجوع کرے بصورت دیگر کوئی عذر قابل قبول نہ ہوگا۔ عوامی اطلاع کے لیے مشتہر کیا جاتا ہے کہ متعلقہ محکمہ کی جانب سے مذکورہ معاملہ میں کاروائی مکمل کر لی گئی ہے اور اگر کسی شخص کو اس پر کوئی اعتراض ہو تو وہ مقررہ مدت کے اندر متعلقہ دفتر سے رجوع کرے بصورت دیگر کوئی عذر قابل قبول نہ ہوگا۔

43	اشتہار نمبر

عوامی اطلاع کے لیے مشتہر کیا جاتا ہے کہ متعلقہ محکمہ کی جانب سے مذکورہ معاملہ میں کاروائی مکمل کر لی گئی ہے اور اگر کسی شخص کو اس پر کوئی اعتراض ہو تو وہ مقررہ مدت کے اندر متعلقہ دفتر سے رجوع کرے بصورت دیگر کوئی عذر قابل قبول نہ ہوگا۔ عوامی اطلاع کے لیے مشتہر کیا جاتا ہے کہ متعلقہ محکمہ کی جانب سے مذکورہ معاملہ میں کاروائی مکمل کر لی گئی ہے اور اگر کسی شخص کو اس پر کوئی اعتراض ہو تو وہ مقررہ مدت کے اندر متعلقہ دفتر سے رجوع کرے بصورت دیگر کوئی عذر قابل قبول نہ ہوگا۔

44	اشتہار نمبر

عوامی اطلاع کے لیے مشتہر کیا جاتا ہے کہ متعلقہ محکمہ کی جانب سے مذکورہ معاملہ میں کاروائی مکمل کر لی گئی ہے اور اگر کسی شخص کو اس پر کوئی اعتراض ہو تو وہ مقررہ مدت کے اندر متعلقہ دفتر سے رجوع کرے بصورت دیگر کوئی عذر قابل قبول نہ ہوگا۔ عوامی اطلاع کے لیے مشتہر کیا جاتا ہے کہ متعلقہ محکمہ کی جانب سے مذکورہ معاملہ میں کاروائی مکمل کر لی گئی ہے اور اگر کسی شخص کو اس پر کوئی اعتراض ہو تو وہ مقررہ مدت کے اندر متعلقہ دفتر سے رجوع کرے بصورت دیگر کوئی عذر قابل قبول نہ ہوگا۔

45	اشتہار نمبر

عوامی اطلاع کے لیے مشتہر کیا جاتا ہے کہ متعلقہ محکمہ کی جانب سے مذکورہ معاملہ میں کاروائی مکمل کر لی گئی ہے اور اگر کسی شخص کو اس پر کوئی اعتراض ہو تو وہ مقررہ مدت کے اندر متعلقہ دفتر سے رجوع کرے بصورت دیگر کوئی عذر قابل قبول نہ ہوگا۔ عوامی اطلاع کے لیے مشتہر کیا جاتا ہے کہ متعلقہ محکمہ کی جانب سے مذکورہ معاملہ میں کاروائی مکمل کر لی گئی ہے اور اگر کسی شخص کو اس پر کوئی اعتراض ہو تو وہ مقررہ مدت کے اندر متعلقہ دفتر سے رجوع کرے بصورت دیگر کوئی عذر قابل قبول نہ ہوگا۔

46	اشتہار نمبر

عوامی اطلاع کے لیے مشتہر کیا جاتا ہے کہ متعلقہ محکمہ کی جانب سے مذکورہ معاملہ میں کاروائی مکمل کر لی گئی ہے اور اگر کسی شخص کو اس پر کوئی اعتراض ہو تو وہ مقررہ مدت کے اندر متعلقہ دفتر سے رجوع کرے بصورت دیگر کوئی عذر قابل قبول نہ ہوگا۔ عوامی اطلاع کے لیے مشتہر کیا جاتا ہے کہ متعلقہ محکمہ کی جانب سے مذکورہ معاملہ میں کاروائی مکمل کر لی گئی ہے اور اگر کسی شخص کو اس پر کوئی اعتراض ہو تو وہ مقررہ مدت کے اندر متعلقہ دفتر سے رجوع کرے بصورت دیگر کوئی عذر قابل قبول نہ ہوگا۔

47	اشتہار نمبر

عوامی اطلاع کے لیے مشتہر کیا جاتا ہے کہ متعلقہ محکمہ کی جانب سے مذکورہ معاملہ میں کاروائی مکمل کر لی گئی ہے اور اگر کسی شخص کو اس پر کوئی اعتراض ہو تو وہ مقررہ مدت کے اندر متعلقہ دفتر سے رجوع کرے بصورت دیگر کوئی عذر قابل قبول نہ ہوگا۔ عوامی اطلاع کے لیے مشتہر کیا جاتا ہے کہ متعلقہ محکمہ کی جانب سے مذکورہ معاملہ میں کاروائی مکمل کر لی گئی ہے اور اگر کسی شخص کو اس پر کوئی اعتراض ہو تو وہ مقررہ مدت کے اندر متعلقہ دفتر سے رجوع کرے بصورت دیگر کوئی عذر قابل قبول نہ ہوگا۔

48	اشتہار نمبر

عوامی اطلاع کے لیے مشتہر کیا جاتا ہے کہ متعلقہ محکمہ کی جانب سے مذکورہ معاملہ میں کاروائی مکمل کر لی گئی ہے اور اگر کسی شخص کو اس پر کوئی اعتراض ہو تو وہ مقررہ مدت کے اندر متعلقہ دفتر سے رجوع کرے بصورت دیگر کوئی عذر قابل قبول نہ ہوگا۔ عوامی اطلاع کے لیے مشتہر کیا جاتا ہے کہ متعلقہ محکمہ کی جانب سے مذکورہ معاملہ میں کاروائی مکمل کر لی گئی ہے اور اگر کسی شخص کو اس پر کوئی اعتراض ہو تو وہ مقررہ مدت کے اندر متعلقہ دفتر سے رجوع کرے بصورت دیگر کوئی عذر قابل قبول نہ ہوگا۔

49	اشتہار نمبر

عوامی اطلاع کے لیے مشتہر کیا جاتا ہے کہ متعلقہ محکمہ کی جانب سے مذکورہ معاملہ میں کاروائی مکمل کر لی گئی ہے اور اگر کسی شخص کو اس پر کوئی اعتراض ہو تو وہ مقررہ مدت کے اندر متعلقہ دفتر سے رجوع کرے بصورت دیگر کوئی عذر قابل قبول نہ ہوگا۔ عوامی اطلاع کے لیے مشتہر کیا جاتا ہے کہ متعلقہ محکمہ کی جانب سے مذکورہ معاملہ میں کاروائی مکمل کر لی گئی ہے اور اگر کسی شخص کو اس پر کوئی اعتراض ہو تو وہ مقررہ مدت کے اندر متعلقہ دفتر سے رجوع کرے بصورت دیگر کوئی عذر قابل قبول نہ ہوگا۔

50	اشتہار نمبر

عوامی اطلاع کے لیے مشتہر کیا جاتا ہے کہ متعلقہ محکمہ کی جانب سے مذکورہ معاملہ میں کاروائی مکمل کر لی گئی ہے اور اگر کسی شخص کو اس پر کوئی اعتراض ہو تو وہ مقررہ مدت کے اندر متعلقہ دفتر سے رجوع کرے بصورت دیگر کوئی عذر قابل قبول نہ ہوگا۔ عوامی اطلاع کے لیے مشتہر کیا جاتا ہے کہ متعلقہ محکمہ کی جانب سے مذکورہ معاملہ میں کاروائی مکمل کر لی گئی ہے اور اگر کسی شخص کو اس پر کوئی اعتراض ہو تو وہ مقررہ مدت کے اندر متعلقہ دفتر سے رجوع کرے بصورت دیگر کوئی عذر قابل قبول نہ ہوگا۔

51	اشتہار نمبر

عوامی اطلاع کے لیے مشتہر کیا جاتا ہے کہ متعلقہ محکمہ کی جانب سے مذکورہ معاملہ میں کاروائی مکمل کر لی گئی ہے اور اگر کسی شخص کو اس پر کوئی اعتراض ہو تو وہ مقررہ مدت کے اندر متعلقہ دفتر سے رجوع کرے بصورت دیگر کوئی عذر قابل قبول نہ ہوگا۔ عوامی اطلاع کے لیے مشتہر کیا جاتا ہے کہ متعلقہ محکمہ کی جانب سے مذکورہ معاملہ میں کاروائی مکمل کر لی گئی ہے اور اگر کسی شخص کو اس پر کوئی اعتراض ہو تو وہ مقررہ مدت کے اندر متعلقہ دفتر سے رجوع کرے بصورت دیگر کوئی عذر قابل قبول نہ ہوگا۔

52	اشتہار نمبر

عوامی اطلاع کے لیے مشتہر کیا جاتا ہے کہ متعلقہ محکمہ کی جانب سے مذکورہ معاملہ میں کاروائی مکمل کر لی گئی ہے اور اگر کسی شخص کو اس پر کوئی اعتراض ہو تو وہ مقررہ مدت کے اندر متعلقہ دفتر سے رجوع کرے بصورت دیگر کوئی عذر قابل قبول نہ ہوگا۔ عوامی اطلاع کے لیے مشتہر کیا جاتا ہے کہ متعلقہ محکمہ کی جانب سے مذکورہ معاملہ میں کاروائی مکمل کر لی گئی ہے اور اگر کسی شخص کو اس پر کوئی اعتراض ہو تو وہ مقررہ مدت کے اندر متعلقہ دفتر سے رجوع کرے بصورت دیگر کوئی عذر قابل قبول نہ ہوگا۔

53	اشتہار نمبر

عوامی اطلاع کے لیے مشتہر کیا جاتا ہے کہ متعلقہ محکمہ کی جانب سے مذکورہ معاملہ میں کاروائی مکمل کر لی گئی ہے اور اگر کسی شخص کو اس پر کوئی اعتراض ہو تو وہ مقررہ مدت کے اندر متعلقہ دفتر سے رجوع کرے بصورت دیگر کوئی عذر قابل قبول نہ ہوگا۔ عوامی اطلاع کے لیے مشتہر کیا جاتا ہے کہ متعلقہ محکمہ کی جانب سے مذکورہ معاملہ میں کاروائی مکمل کر لی گئی ہے اور اگر کسی شخص کو اس پر کوئی اعتراض ہو تو وہ مقررہ مدت کے اندر متعلقہ دفتر سے رجوع کرے بصورت دیگر کوئی عذر قابل قبول نہ ہوگا۔

54	اشتہار نمبر

عوامی اطلاع کے لیے مشتہر کیا جاتا ہے کہ متعلقہ محکمہ کی جانب سے مذکورہ معاملہ میں کاروائی مکمل کر لی گئی ہے اور اگر کسی شخص کو اس پر کوئی اعتراض ہو تو وہ مقررہ مدت کے اندر متعلقہ دفتر سے رجوع کرے بصورت دیگر کوئی عذر قابل قبول نہ ہوگا۔ عوامی اطلاع کے لیے مشتہر کیا جاتا ہے کہ متعلقہ محکمہ کی جانب سے مذکورہ معاملہ میں کاروائی مکمل کر لی گئی ہے اور اگر کسی شخص کو اس پر کوئی اعتراض ہو تو وہ مقررہ مدت کے اندر متعلقہ دفتر سے رجوع کرے بصورت دیگر کوئی عذر قابل قبول نہ ہوگا۔

یورپی فٹبال لیگ میں جیت کے بعد ٹیم کی شاندار واپسی

عوامی اطلاع کے لیے مشتہر کیا جاتا ہے کہ متعلقہ محکمہ کی جانب سے مذکورہ معاملہ میں کاروائی مکمل کر لی گئی ہے اور اگر کسی شخص کو اس پر کوئی اعتراض ہو تو وہ مقررہ مدت کے اندر متعلقہ دفتر سے رجوع کرے بصورت دیگر کوئی عذر قابل قبول نہ ہوگا۔

چیمپئنز ٹرافی کے لیے تیاریاں جاری

عوامی اطلاع کے لیے مشتہر کیا جاتا ہے کہ متعلقہ محکمہ کی جانب سے مذکورہ معاملہ میں کاروائی مکمل کر لی گئی ہے اور اگر کسی شخص کو اس پر کوئی اعتراض ہو تو وہ مقررہ مدت کے اندر متعلقہ دفتر سے رجوع کرے بصورت دیگر کوئی عذر قابل قبول نہ ہوگا۔

پاکستانی کھلاڑیوں کی شاندار کارکردگی

عوامی اطلاع کے لیے مشتہر کیا جاتا ہے کہ متعلقہ محکمہ کی جانب سے مذکورہ معاملہ میں کاروائی مکمل کر لی گئی ہے اور اگر کسی شخص کو اس پر کوئی اعتراض ہو تو وہ مقررہ مدت کے اندر متعلقہ دفتر سے رجوع کرے بصورت دیگر کوئی عذر قابل قبول نہ ہوگا۔
